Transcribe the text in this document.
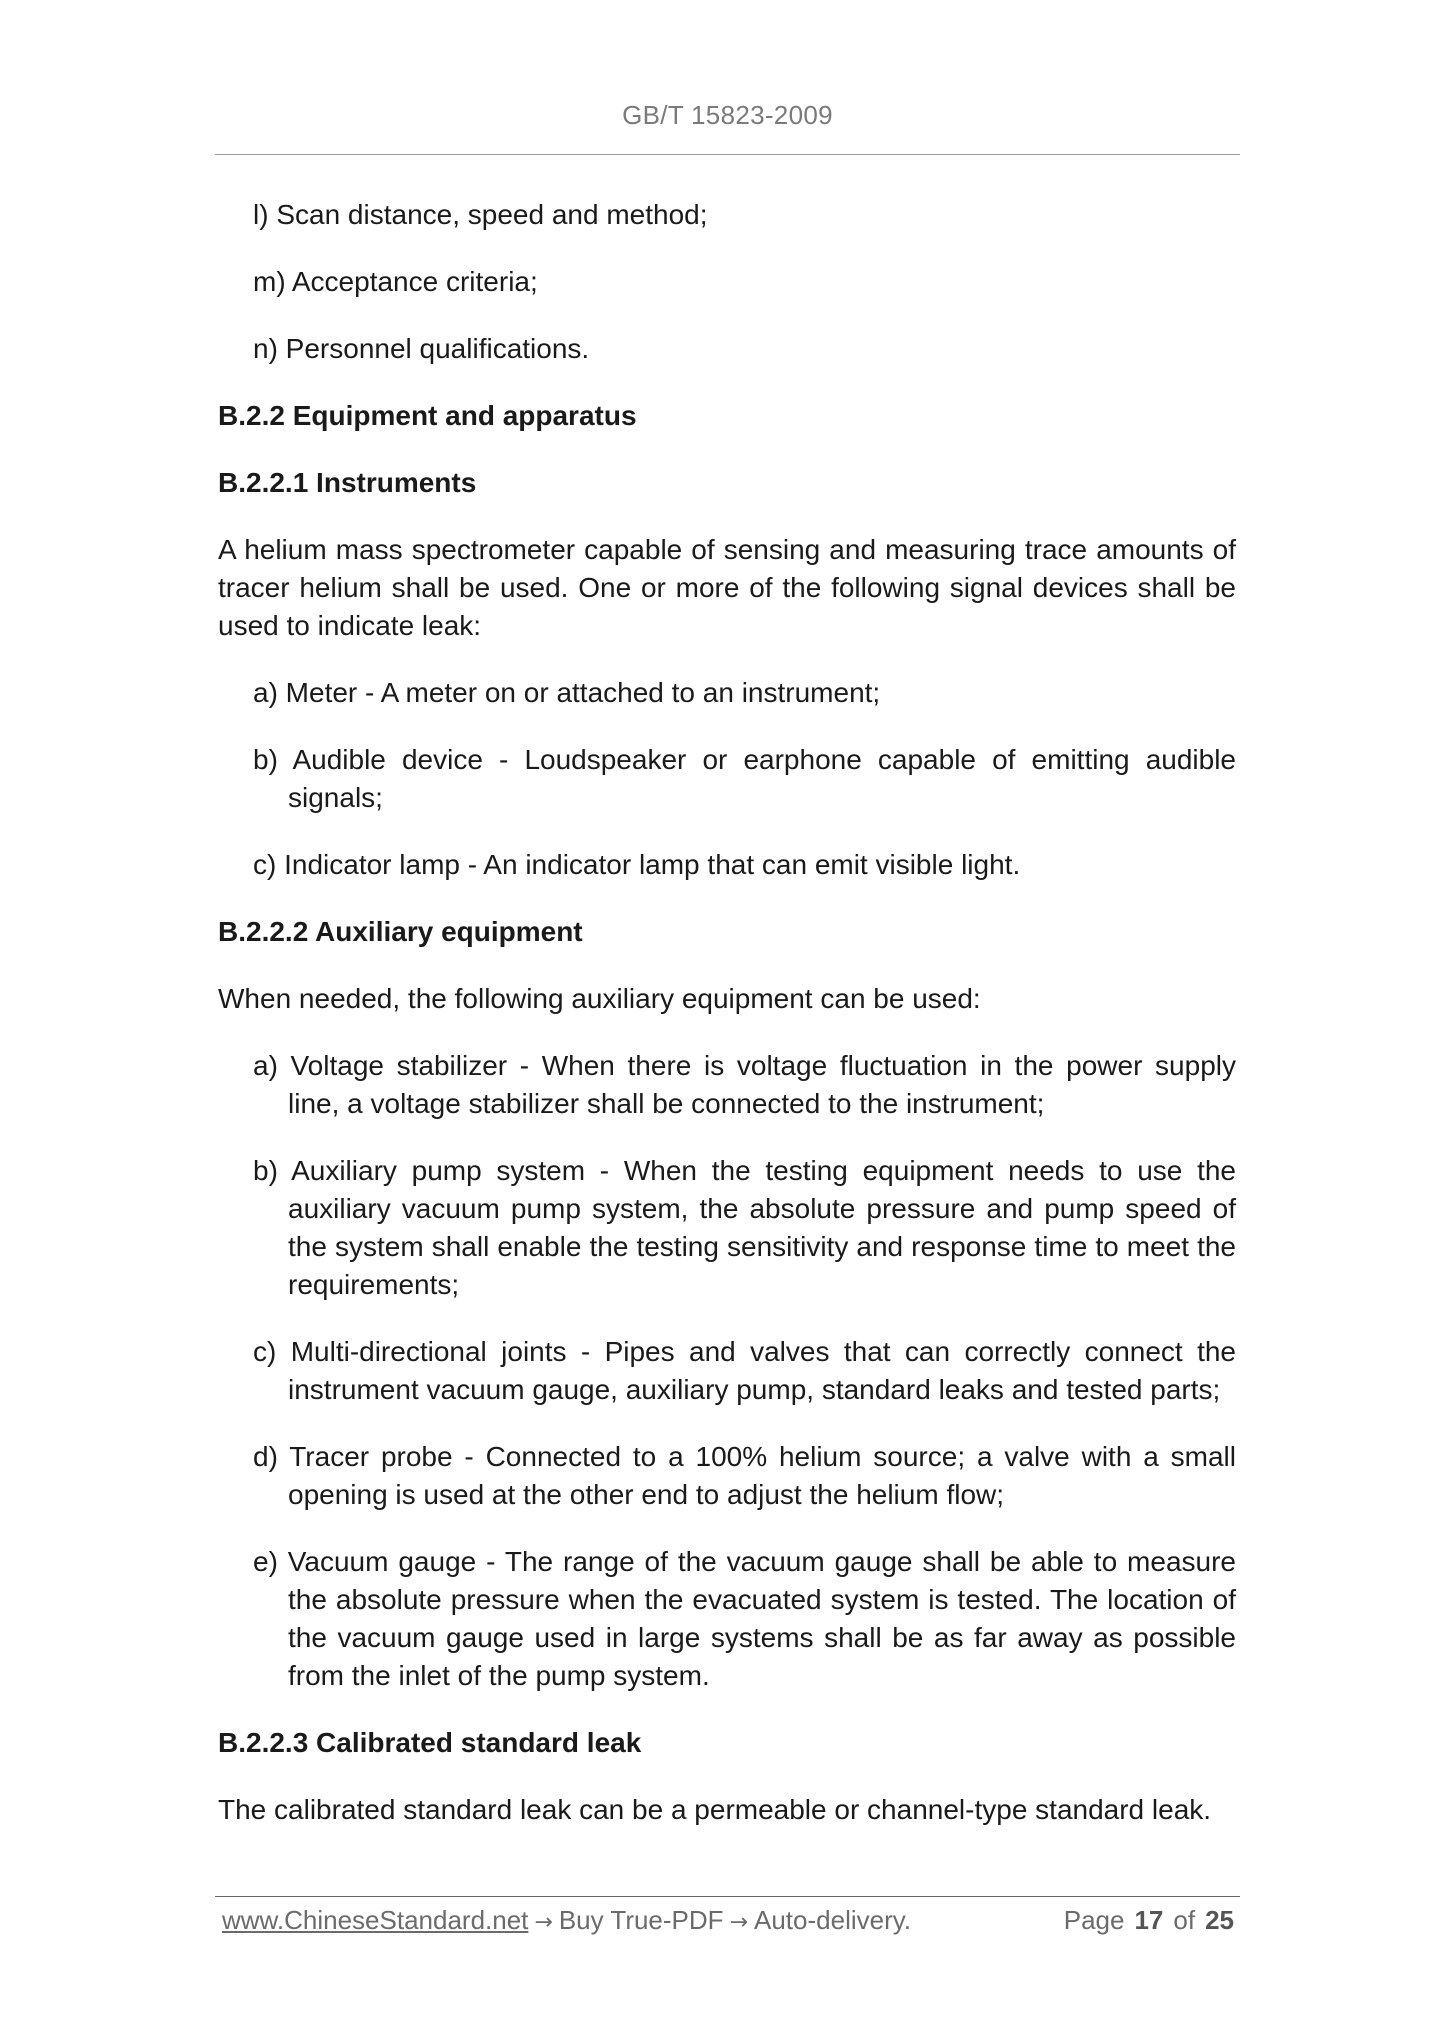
GB/T 15823-2009
l) Scan distance, speed and method;
m) Acceptance criteria;
n) Personnel qualifications.
B.2.2 Equipment and apparatus
B.2.2.1 Instruments
A helium mass spectrometer capable of sensing and measuring trace amounts of tracer helium shall be used. One or more of the following signal devices shall be used to indicate leak:
a) Meter - A meter on or attached to an instrument;
b) Audible device - Loudspeaker or earphone capable of emitting audible signals;
c) Indicator lamp - An indicator lamp that can emit visible light.
B.2.2.2 Auxiliary equipment
When needed, the following auxiliary equipment can be used:
a) Voltage stabilizer - When there is voltage fluctuation in the power supply line, a voltage stabilizer shall be connected to the instrument;
b) Auxiliary pump system - When the testing equipment needs to use the auxiliary vacuum pump system, the absolute pressure and pump speed of the system shall enable the testing sensitivity and response time to meet the requirements;
c) Multi-directional joints - Pipes and valves that can correctly connect the instrument vacuum gauge, auxiliary pump, standard leaks and tested parts;
d) Tracer probe - Connected to a 100% helium source; a valve with a small opening is used at the other end to adjust the helium flow;
e) Vacuum gauge - The range of the vacuum gauge shall be able to measure the absolute pressure when the evacuated system is tested. The location of the vacuum gauge used in large systems shall be as far away as possible from the inlet of the pump system.
B.2.2.3 Calibrated standard leak
The calibrated standard leak can be a permeable or channel-type standard leak.
www.ChineseStandard.net → Buy True-PDF → Auto-delivery.	Page 17 of 25
